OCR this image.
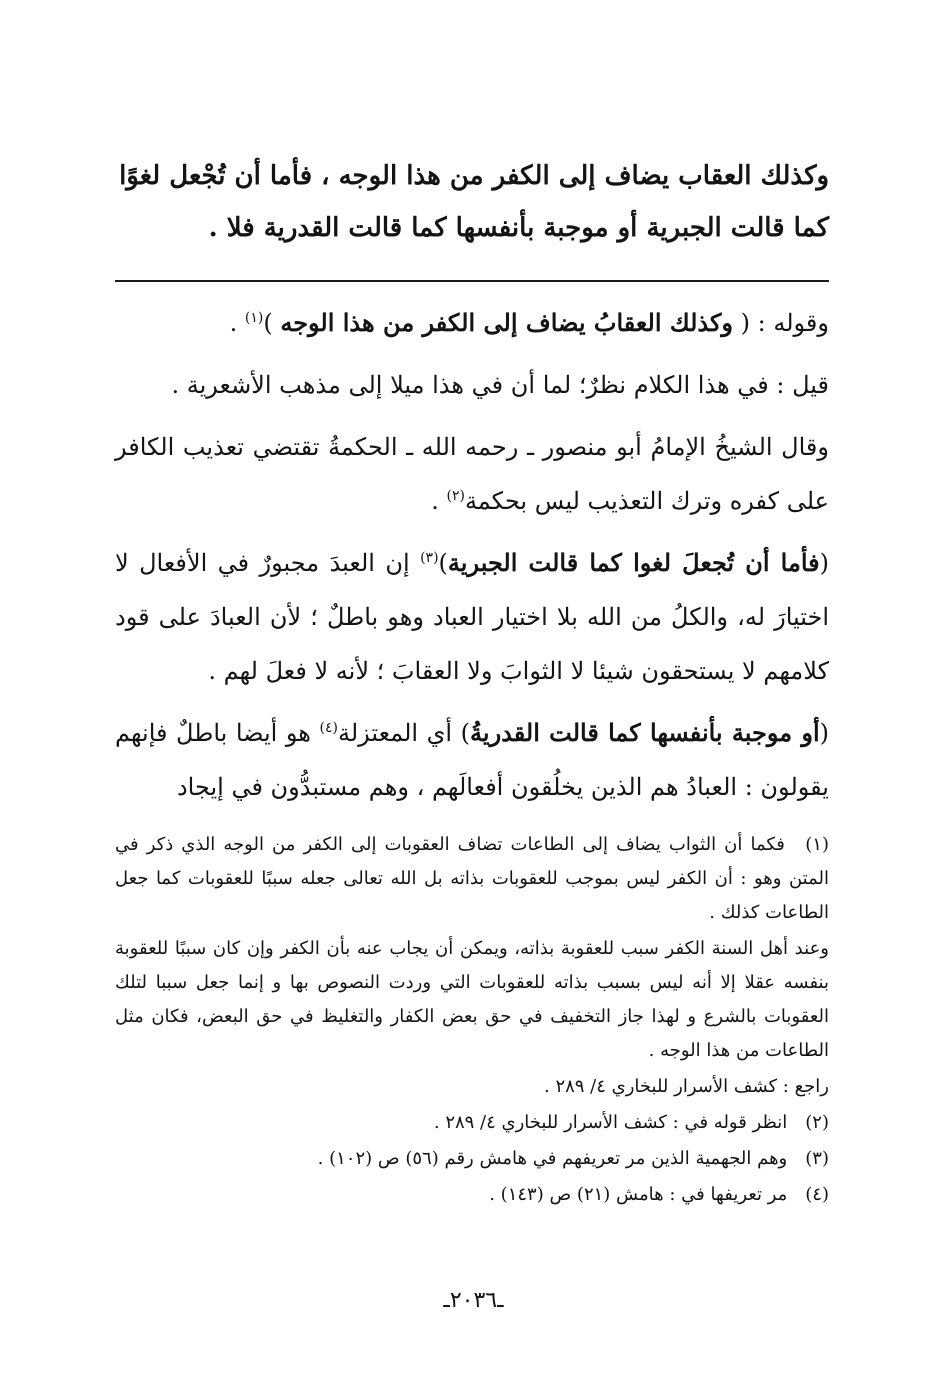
وكذلك العقاب يضاف إلى الكفر من هذا الوجه ، فأما أن تُجْعل لغوًا

كما قالت الجبرية أو موجبة بأنفسها كما قالت القدرية فلا .

وقوله : ( وكذلك العقابُ يضاف إلى الكفر من هذا الوجه )$^{(١)}$ .

قيل : في هذا الكلام نظرٌ؛ لما أن في هذا ميلا إلى مذهب الأشعرية .

وقال الشيخُ الإمامُ أبو منصور ـ رحمه الله ـ الحكمةُ تقتضي تعذيب الكافر على كفره وترك التعذيب ليس بحكمة$^{(٢)}$ .

(فأما أن تُجعلَ لغوا كما قالت الجبرية)$^{(٣)}$ إن العبدَ مجبورٌ في الأفعال لا اختيارَ له، والكلُ من الله بلا اختيار العباد وهو باطلٌ ؛ لأن العبادَ على قود كلامهم لا يستحقون شيئا لا الثوابَ ولا العقابَ ؛ لأنه لا فعلَ لهم .

(أو موجبة بأنفسها كما قالت القدريةُ) أي المعتزلة$^{(٤)}$ هو أيضا باطلٌ فإنهم يقولون : العبادُ هم الذين يخلُقون أفعالَهم ، وهم مستبدُّون في إيجاد

(١) فكما أن الثواب يضاف إلى الطاعات تضاف العقوبات إلى الكفر من الوجه الذي ذكر في المتن وهو : أن الكفر ليس بموجب للعقوبات بذاته بل الله تعالى جعله سببًا للعقوبات كما جعل الطاعات كذلك .

وعند أهل السنة الكفر سبب للعقوبة بذاته، ويمكن أن يجاب عنه بأن الكفر وإن كان سببًا للعقوبة بنفسه عقلا إلا أنه ليس بسبب بذاته للعقوبات التي وردت النصوص بها و إنما جعل سببا لتلك العقوبات بالشرع و لهذا جاز التخفيف في حق بعض الكفار والتغليظ في حق البعض، فكان مثل الطاعات من هذا الوجه .

راجع : كشف الأسرار للبخاري ٤/ ٢٨٩ .

(٢) انظر قوله في : كشف الأسرار للبخاري ٤/ ٢٨٩ .

(٣) وهم الجهمية الذين مر تعريفهم في هامش رقم (٥٦) ص (١٠٢) .

(٤) مر تعريفها في : هامش (٢١) ص (١٤٣) .

ـ٢٠٣٦ـ
